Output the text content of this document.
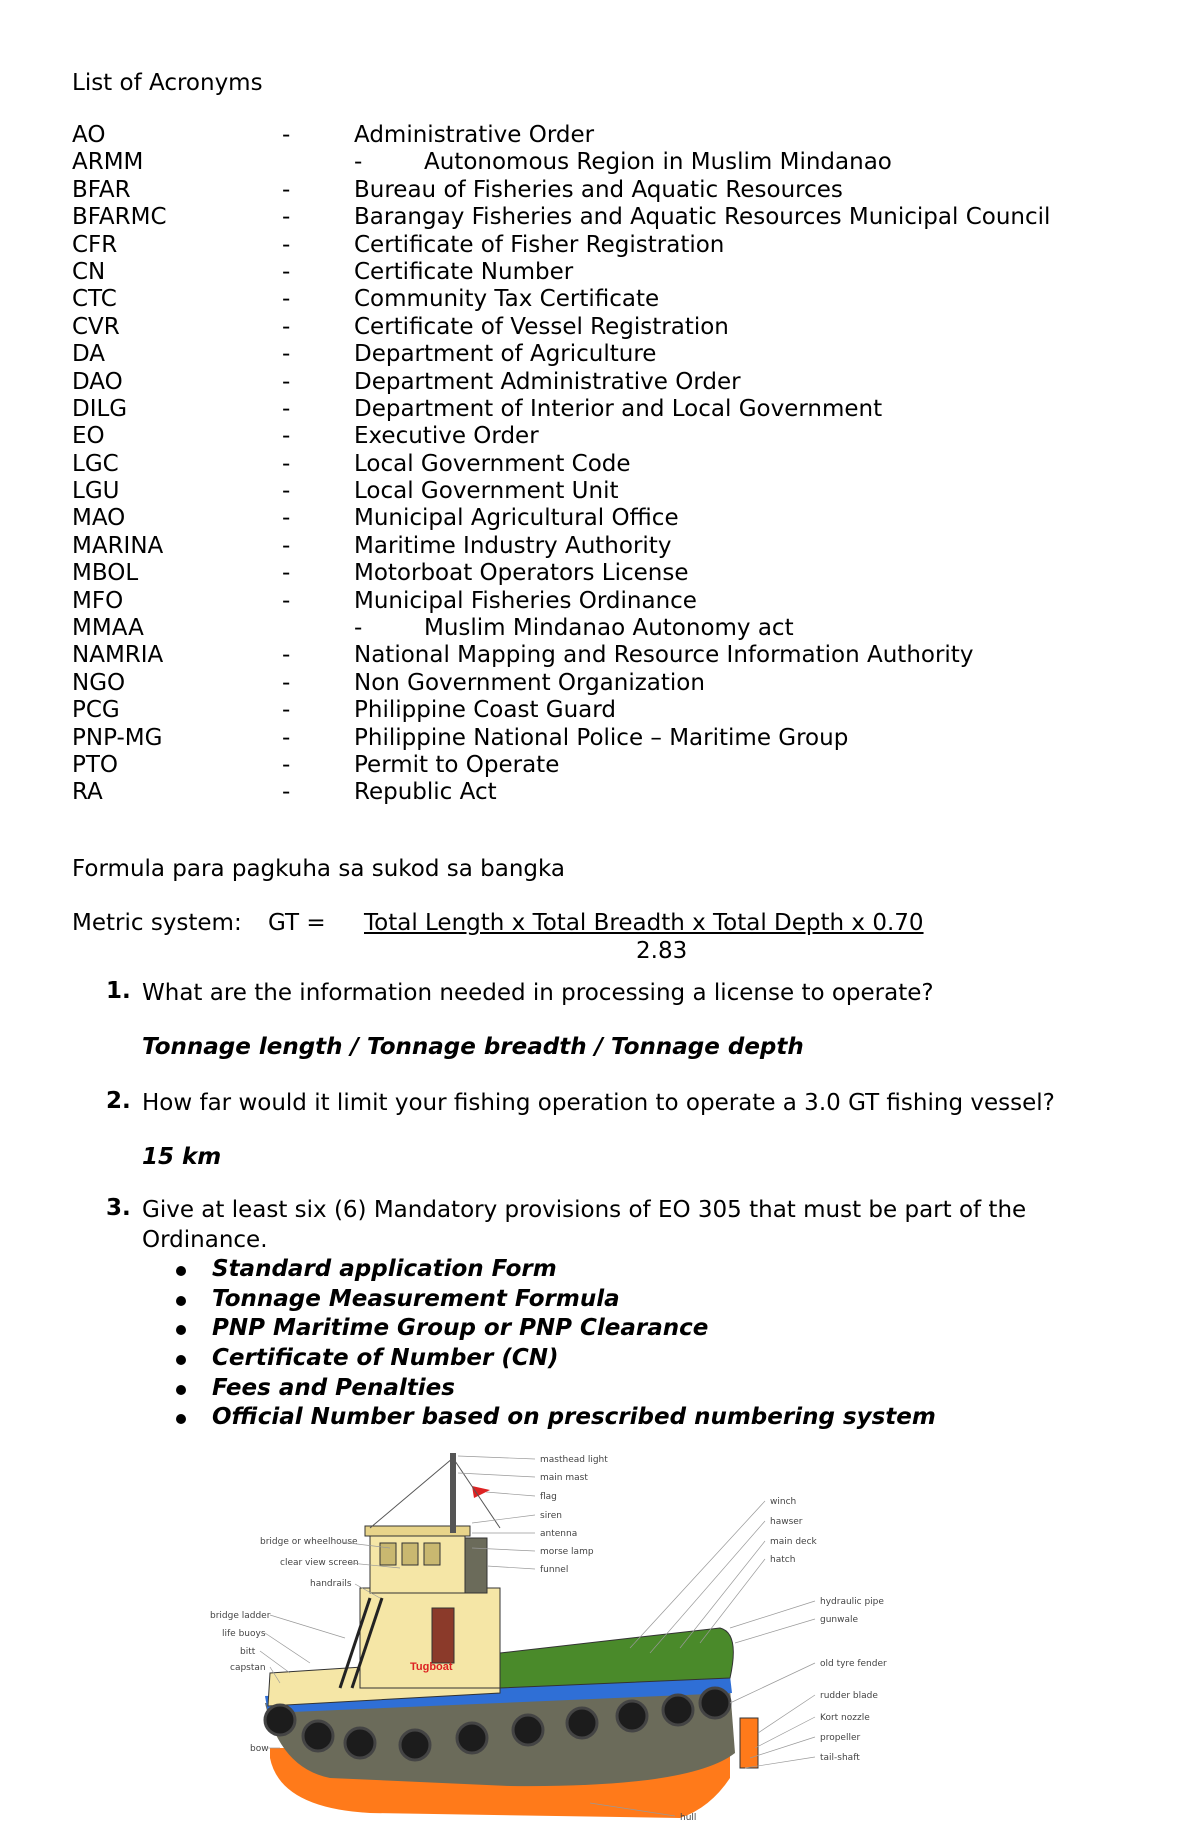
List of Acronyms
AO	-	Administrative Order
ARMM	-	Autonomous Region in Muslim Mindanao
BFAR	-	Bureau of Fisheries and Aquatic Resources
BFARMC	-	Barangay Fisheries and Aquatic Resources Municipal Council
CFR	-	Certificate of Fisher Registration
CN	-	Certificate Number
CTC	-	Community Tax Certificate
CVR	-	Certificate of Vessel Registration
DA	-	Department of Agriculture
DAO	-	Department Administrative Order
DILG	-	Department of Interior and Local Government
EO	-	Executive Order
LGC	-	Local Government Code
LGU	-	Local Government Unit
MAO	-	Municipal Agricultural Office
MARINA	-	Maritime Industry Authority
MBOL	-	Motorboat Operators License
MFO	-	Municipal Fisheries Ordinance
MMAA	-	Muslim Mindanao Autonomy act
NAMRIA	-	National Mapping and Resource Information Authority
NGO	-	Non Government Organization
PCG	-	Philippine Coast Guard
PNP-MG	-	Philippine National Police – Maritime Group
PTO	-	Permit to Operate
RA	-	Republic Act
Formula para pagkuha sa sukod sa bangka
Metric system: GT = Total Length x Total Breadth x Total Depth x 0.70
2.83
1. What are the information needed in processing a license to operate?
Tonnage length / Tonnage breadth / Tonnage depth
2. How far would it limit your fishing operation to operate a 3.0 GT fishing vessel?
15 km
3. Give at least six (6) Mandatory provisions of EO 305 that must be part of the Ordinance.
Standard application Form
Tonnage Measurement Formula
PNP Maritime Group or PNP Clearance
Certificate of Number (CN)
Fees and Penalties
Official Number based on prescribed numbering system
Tugboat
bridge or wheelhouse
clear view screen
handrails
bridge ladder
life buoys
bitt
capstan
bow
masthead light
main mast
flag
siren
antenna
morse lamp
funnel
winch
hawser
main deck
hatch
hydraulic pipe
gunwale
old tyre fender
rudder blade
Kort nozzle
propeller
tail-shaft
hull
